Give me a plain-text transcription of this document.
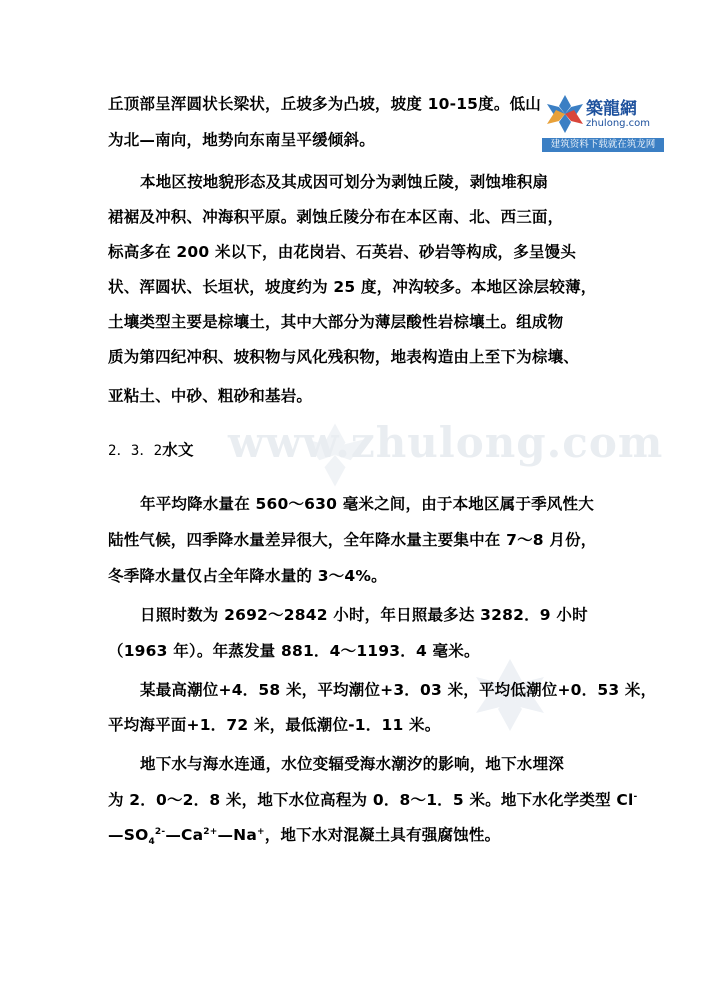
www.zhulong.com
丘顶部呈浑圆状长梁状，丘坡多为凸坡，坡度 10-15度。低山
为北—南向，地势向东南呈平缓倾斜。
本地区按地貌形态及其成因可划分为剥蚀丘陵，剥蚀堆积扇
裙裾及冲积、冲海积平原。剥蚀丘陵分布在本区南、北、西三面，
标高多在 200 米以下，由花岗岩、石英岩、砂岩等构成，多呈馒头
状、浑圆状、长垣状，坡度约为 25 度，冲沟较多。本地区涂层较薄，
土壤类型主要是棕壤土，其中大部分为薄层酸性岩棕壤土。组成物
质为第四纪冲积、坡积物与风化残积物，地表构造由上至下为棕壤、
亚粘土、中砂、粗砂和基岩。
2．3．2水文
年平均降水量在 560～630 毫米之间，由于本地区属于季风性大
陆性气候，四季降水量差异很大，全年降水量主要集中在 7～8 月份，
冬季降水量仅占全年降水量的 3～4%。
日照时数为 2692～2842 小时，年日照最多达 3282．9 小时
（1963 年）。年蒸发量 881．4～1193．4 毫米。
某最高潮位+4．58 米，平均潮位+3．03 米，平均低潮位+0．53 米，
平均海平面+1．72 米，最低潮位-1．11 米。
地下水与海水连通，水位变辐受海水潮汐的影响，地下水埋深
为 2．0～2．8 米，地下水位高程为 0．8～1．5 米。地下水化学类型 Cl-
$—SO_4^{2-}—Ca^{2+}—Na^+$，地下水对混凝土具有强腐蚀性。
築龍網
zhulong.com
建筑资料下载就在筑龙网
